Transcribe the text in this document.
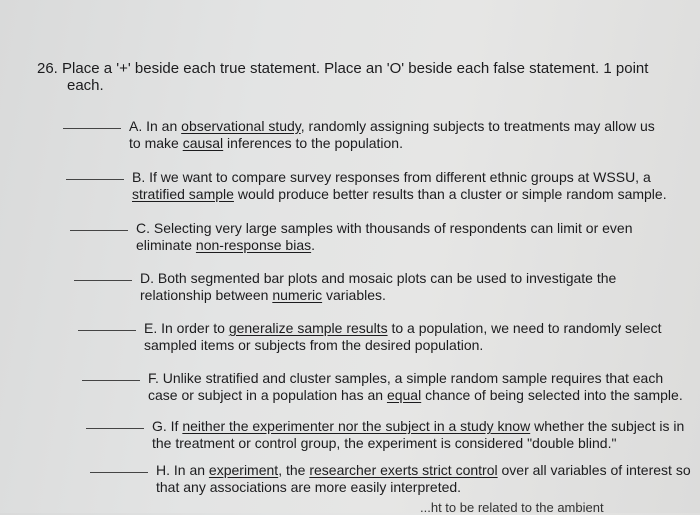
26. Place a '+' beside each true statement. Place an 'O' beside each false statement. 1 point
each.

A. In an observational study, randomly assigning subjects to treatments may allow us
to make causal inferences to the population.
B. If we want to compare survey responses from different ethnic groups at WSSU, a
stratified sample would produce better results than a cluster or simple random sample.
C. Selecting very large samples with thousands of respondents can limit or even
eliminate non-response bias.
D. Both segmented bar plots and mosaic plots can be used to investigate the
relationship between numeric variables.
E. In order to generalize sample results to a population, we need to randomly select
sampled items or subjects from the desired population.
F. Unlike stratified and cluster samples, a simple random sample requires that each
case or subject in a population has an equal chance of being selected into the sample.
G. If neither the experimenter nor the subject in a study know whether the subject is in
the treatment or control group, the experiment is considered "double blind."
H. In an experiment, the researcher exerts strict control over all variables of interest so
that any associations are more easily interpreted.
...ht to be related to the ambient
